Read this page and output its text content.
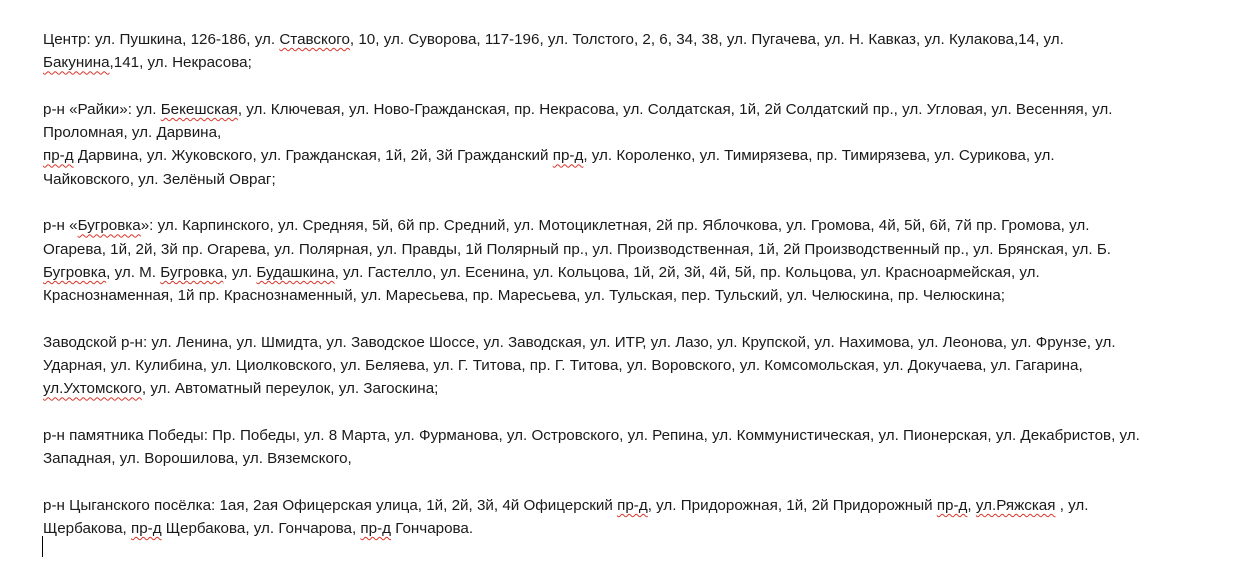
Центр: ул. Пушкина, 126-186, ул. Ставского, 10, ул. Суворова, 117-196, ул. Толстого, 2, 6, 34, 38, ул. Пугачева, ул. Н. Кавказ, ул. Кулакова,14, ул.
Бакунина,141, ул. Некрасова;

р-н «Райки»: ул. Бекешская, ул. Ключевая, ул. Ново-Гражданская, пр. Некрасова, ул. Солдатская, 1й, 2й Солдатский пр., ул. Угловая, ул. Весенняя, ул.
Проломная, ул. Дарвина,
пр-д Дарвина, ул. Жуковского, ул. Гражданская, 1й, 2й, 3й Гражданский пр-д, ул. Короленко, ул. Тимирязева, пр. Тимирязева, ул. Сурикова, ул.
Чайковского, ул. Зелёный Овраг;

р-н «Бугровка»: ул. Карпинского, ул. Средняя, 5й, 6й пр. Средний, ул. Мотоциклетная, 2й пр. Яблочкова, ул. Громова, 4й, 5й, 6й, 7й пр. Громова, ул.
Огарева, 1й, 2й, 3й пр. Огарева, ул. Полярная, ул. Правды, 1й Полярный пр., ул. Производственная, 1й, 2й Производственный пр., ул. Брянская, ул. Б.
Бугровка, ул. М. Бугровка, ул. Будашкина, ул. Гастелло, ул. Есенина, ул. Кольцова, 1й, 2й, 3й, 4й, 5й, пр. Кольцова, ул. Красноармейская, ул.
Краснознаменная, 1й пр. Краснознаменный, ул. Маресьева, пр. Маресьева, ул. Тульская, пер. Тульский, ул. Челюскина, пр. Челюскина;

Заводской р-н: ул. Ленина, ул. Шмидта, ул. Заводское Шоссе, ул. Заводская, ул. ИТР, ул. Лазо, ул. Крупской, ул. Нахимова, ул. Леонова, ул. Фрунзе, ул.
Ударная, ул. Кулибина, ул. Циолковского, ул. Беляева, ул. Г. Титова, пр. Г. Титова, ул. Воровского, ул. Комсомольская, ул. Докучаева, ул. Гагарина,
ул.Ухтомского, ул. Автоматный переулок, ул. Загоскина;

р-н памятника Победы: Пр. Победы, ул. 8 Марта, ул. Фурманова, ул. Островского, ул. Репина, ул. Коммунистическая, ул. Пионерская, ул. Декабристов, ул.
Западная, ул. Ворошилова, ул. Вяземского,

р-н Цыганского посёлка: 1ая, 2ая Офицерская улица, 1й, 2й, 3й, 4й Офицерский пр-д, ул. Придорожная, 1й, 2й Придорожный пр-д, ул.Ряжская , ул.
Щербакова, пр-д Щербакова, ул. Гончарова, пр-д Гончарова.
